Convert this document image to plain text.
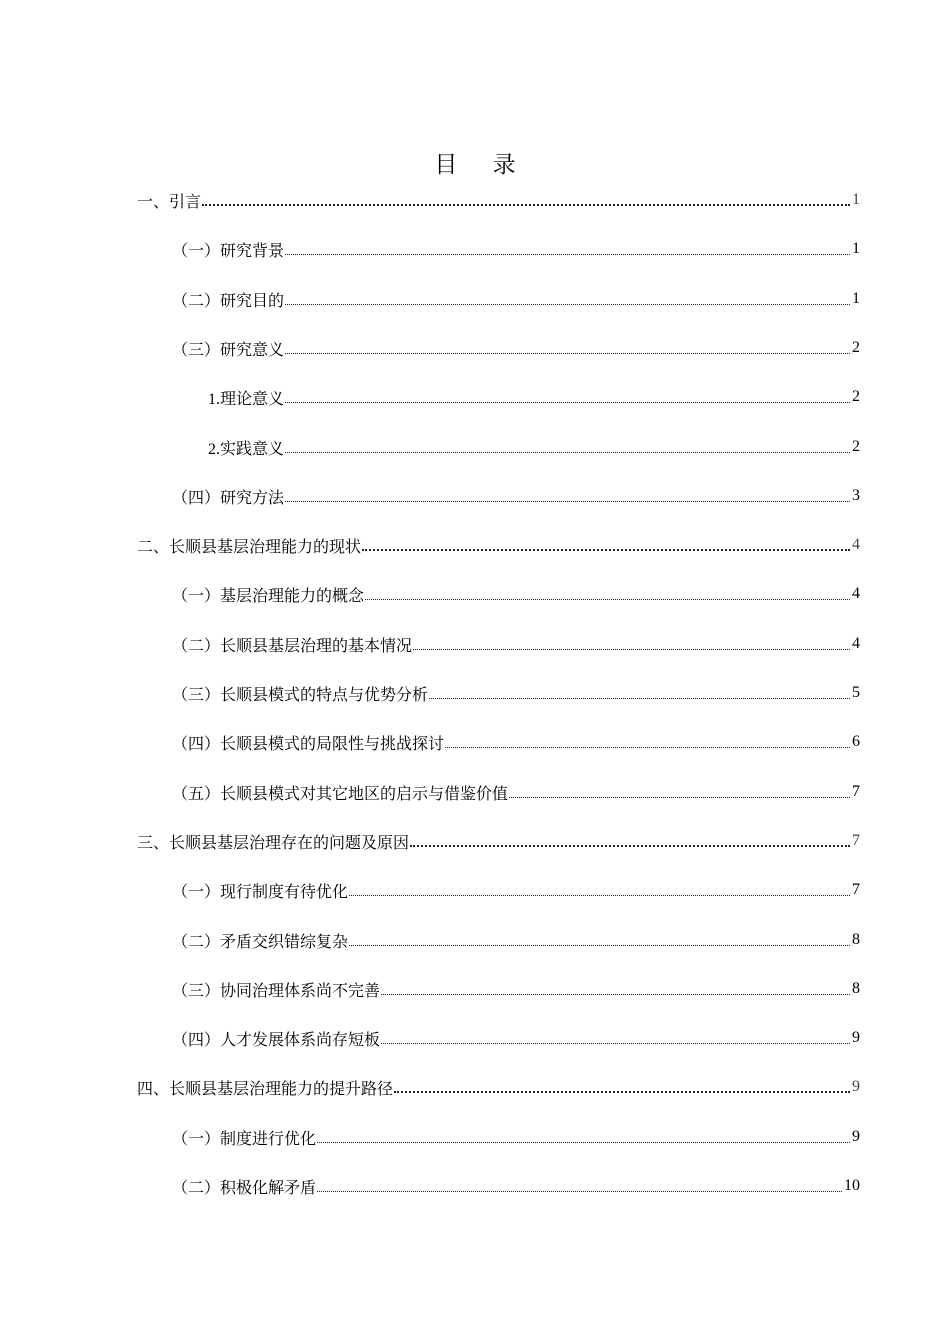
目 录
一、引言	1
（一）研究背景	1
（二）研究目的	1
（三）研究意义	2
1.理论意义	2
2.实践意义	2
（四）研究方法	3
二、长顺县基层治理能力的现状	4
（一）基层治理能力的概念	4
（二）长顺县基层治理的基本情况	4
（三）长顺县模式的特点与优势分析	5
（四）长顺县模式的局限性与挑战探讨	6
（五）长顺县模式对其它地区的启示与借鉴价值	7
三、长顺县基层治理存在的问题及原因	7
（一）现行制度有待优化	7
（二）矛盾交织错综复杂	8
（三）协同治理体系尚不完善	8
（四）人才发展体系尚存短板	9
四、长顺县基层治理能力的提升路径	9
（一）制度进行优化	9
（二）积极化解矛盾	10
